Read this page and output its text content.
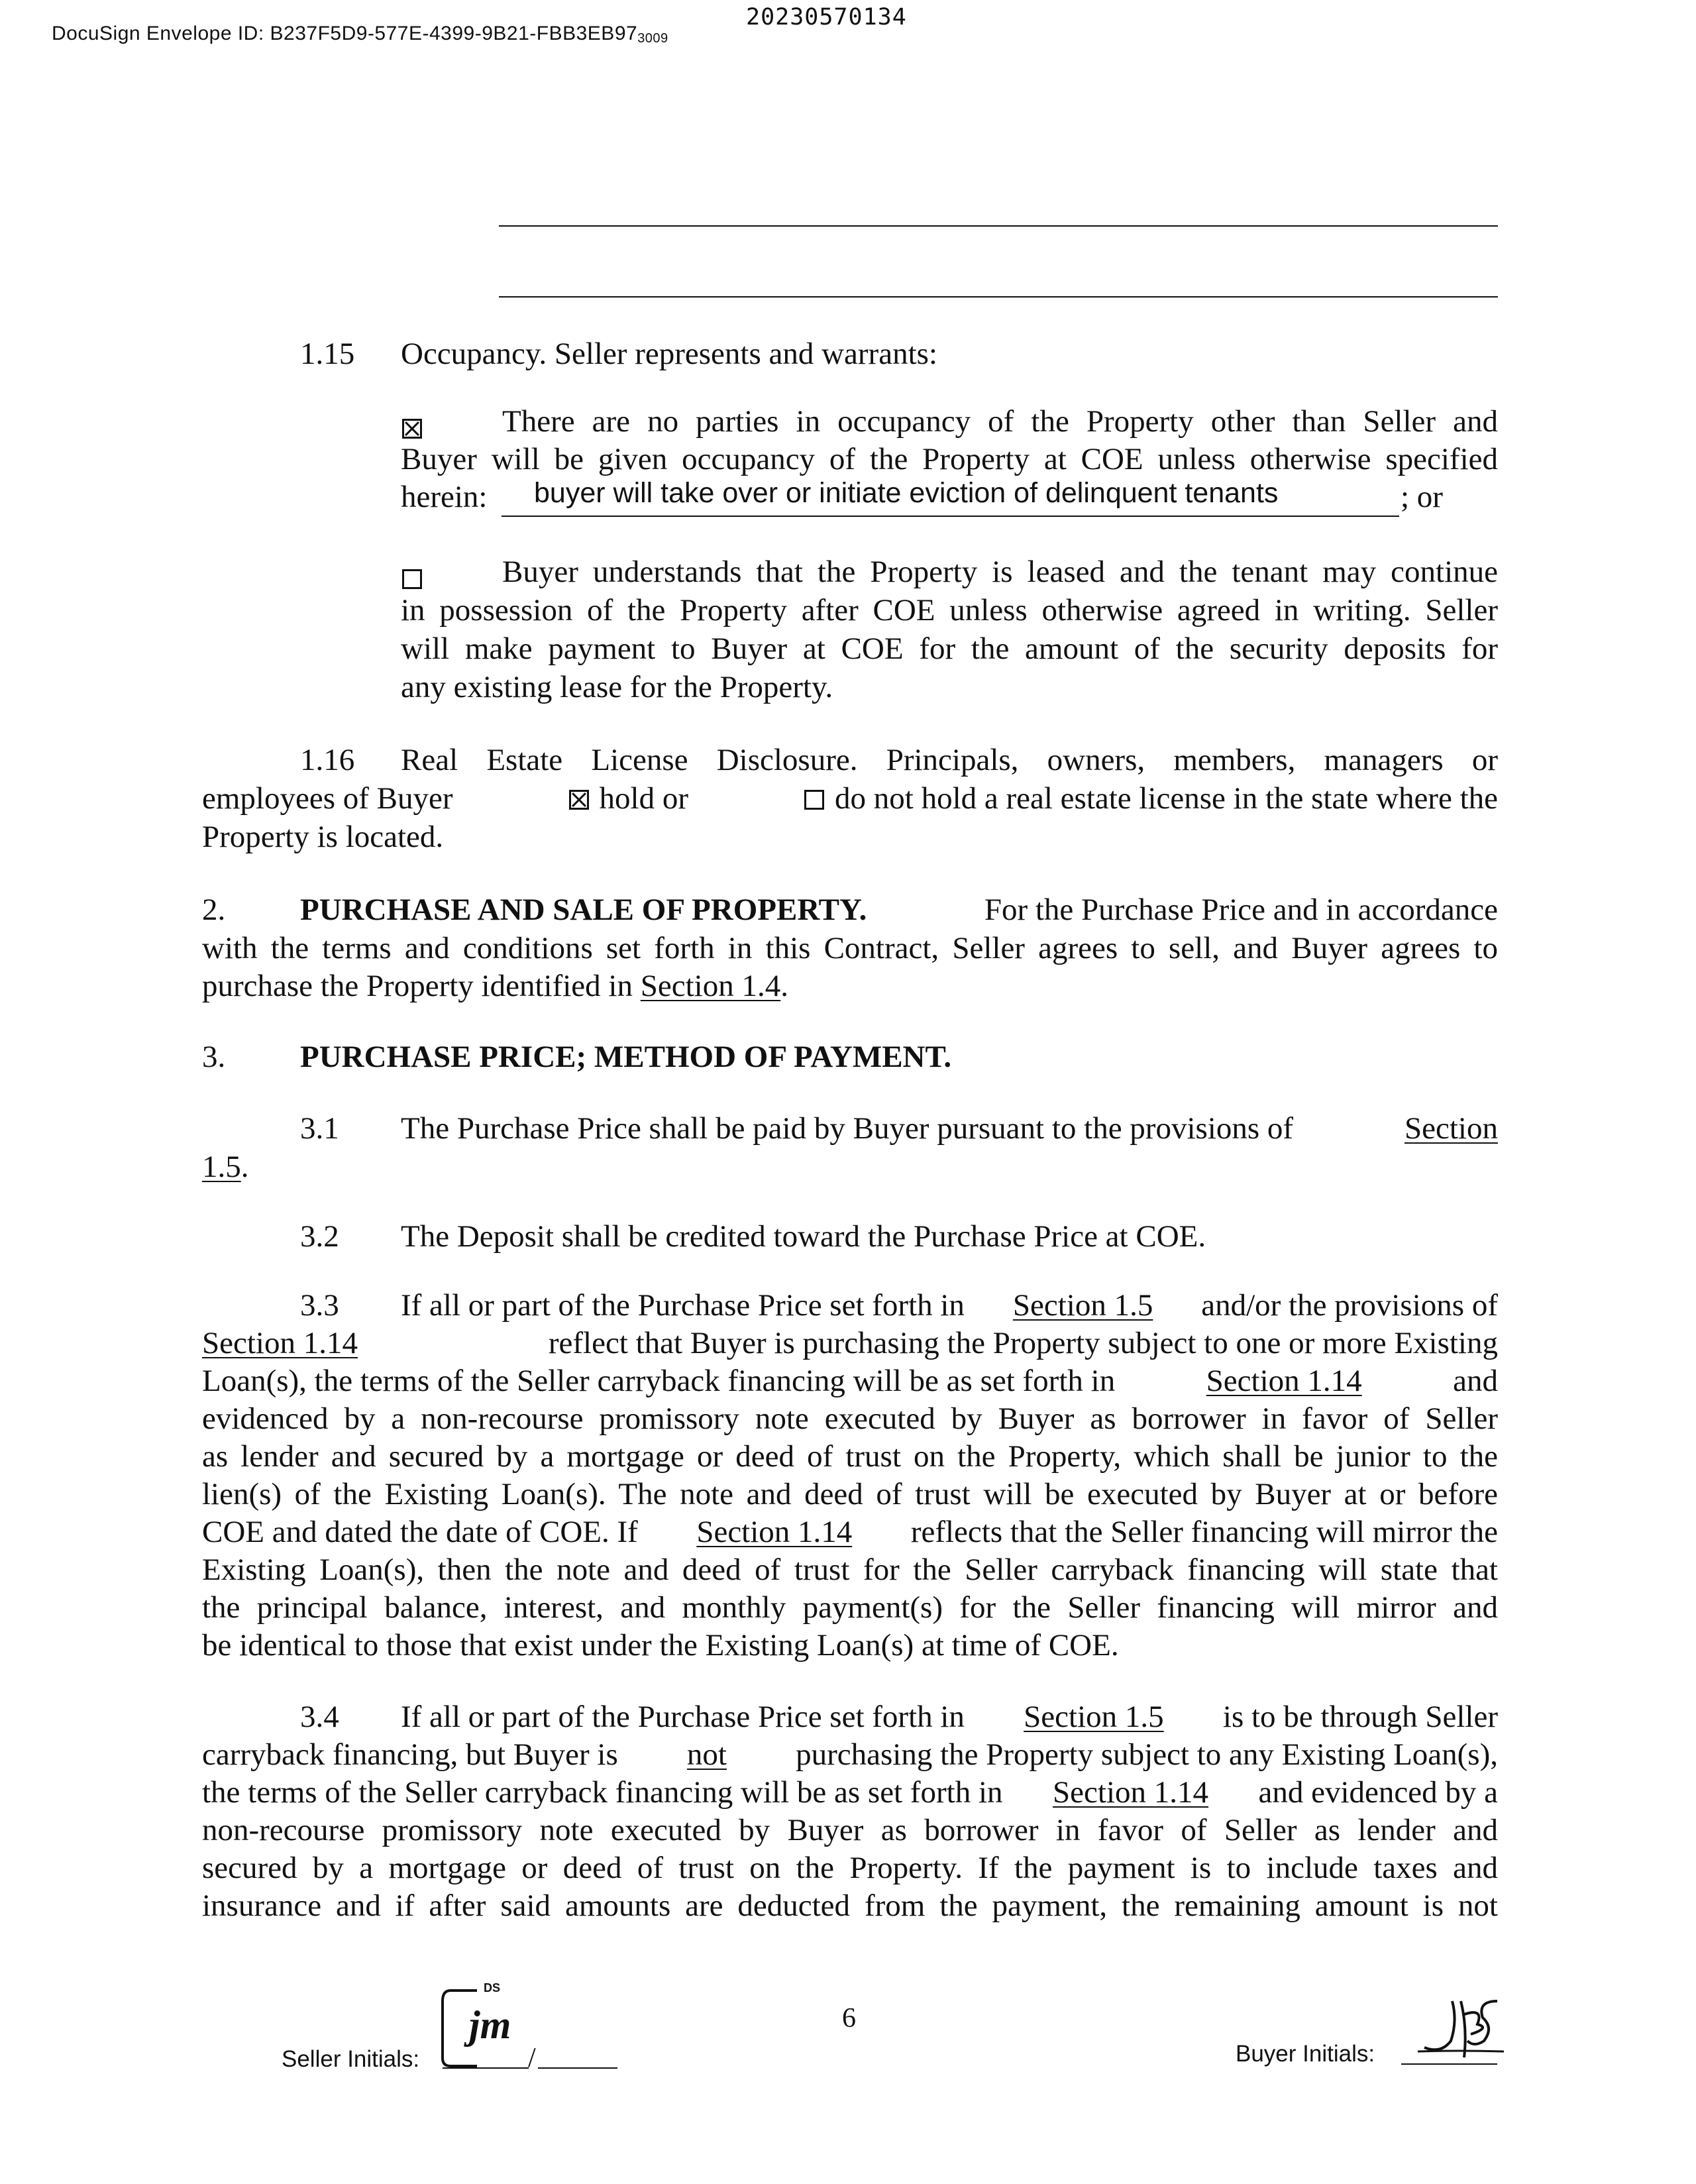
DocuSign Envelope ID: B237F5D9-577E-4399-9B21-FBB3EB973009
20230570134
1.15 Occupancy. Seller represents and warrants:
There are no parties in occupancy of the Property other than Seller and
Buyer will be given occupancy of the Property at COE unless otherwise specified
herein: buyer will take over or initiate eviction of delinquent tenants	; or
Buyer understands that the Property is leased and the tenant may continue
in possession of the Property after COE unless otherwise agreed in writing. Seller
will make payment to Buyer at COE for the amount of the security deposits for
any existing lease for the Property.
1.16 Real Estate License Disclosure. Principals, owners, members, managers or
employees of Buyer	hold or	do not hold a real estate license in the state where the
Property is located.
2. PURCHASE AND SALE OF PROPERTY.	For the Purchase Price and in accordance
with the terms and conditions set forth in this Contract, Seller agrees to sell, and Buyer agrees to
purchase the Property identified in Section 1.4.
3. PURCHASE PRICE; METHOD OF PAYMENT.
3.1 The Purchase Price shall be paid by Buyer pursuant to the provisions of	Section
1.5.
3.2 The Deposit shall be credited toward the Purchase Price at COE.
3.3 If all or part of the Purchase Price set forth in Section 1.5 and/or the provisions of
Section 1.14	reflect that Buyer is purchasing the Property subject to one or more Existing
Loan(s), the terms of the Seller carryback financing will be as set forth in	Section 1.14	and
evidenced by a non-recourse promissory note executed by Buyer as borrower in favor of Seller
as lender and secured by a mortgage or deed of trust on the Property, which shall be junior to the
lien(s) of the Existing Loan(s). The note and deed of trust will be executed by Buyer at or before
COE and dated the date of COE. If Section 1.14 reflects that the Seller financing will mirror the
Existing Loan(s), then the note and deed of trust for the Seller carryback financing will state that
the principal balance, interest, and monthly payment(s) for the Seller financing will mirror and
be identical to those that exist under the Existing Loan(s) at time of COE.
3.4 If all or part of the Purchase Price set forth in Section 1.5 is to be through Seller
carryback financing, but Buyer is not purchasing the Property subject to any Existing Loan(s),
the terms of the Seller carryback financing will be as set forth in Section 1.14 and evidenced by a
non-recourse promissory note executed by Buyer as borrower in favor of Seller as lender and
secured by a mortgage or deed of trust on the Property. If the payment is to include taxes and
insurance and if after said amounts are deducted from the payment, the remaining amount is not
Seller Initials:
DS
jm
/
6
Buyer Initials:
